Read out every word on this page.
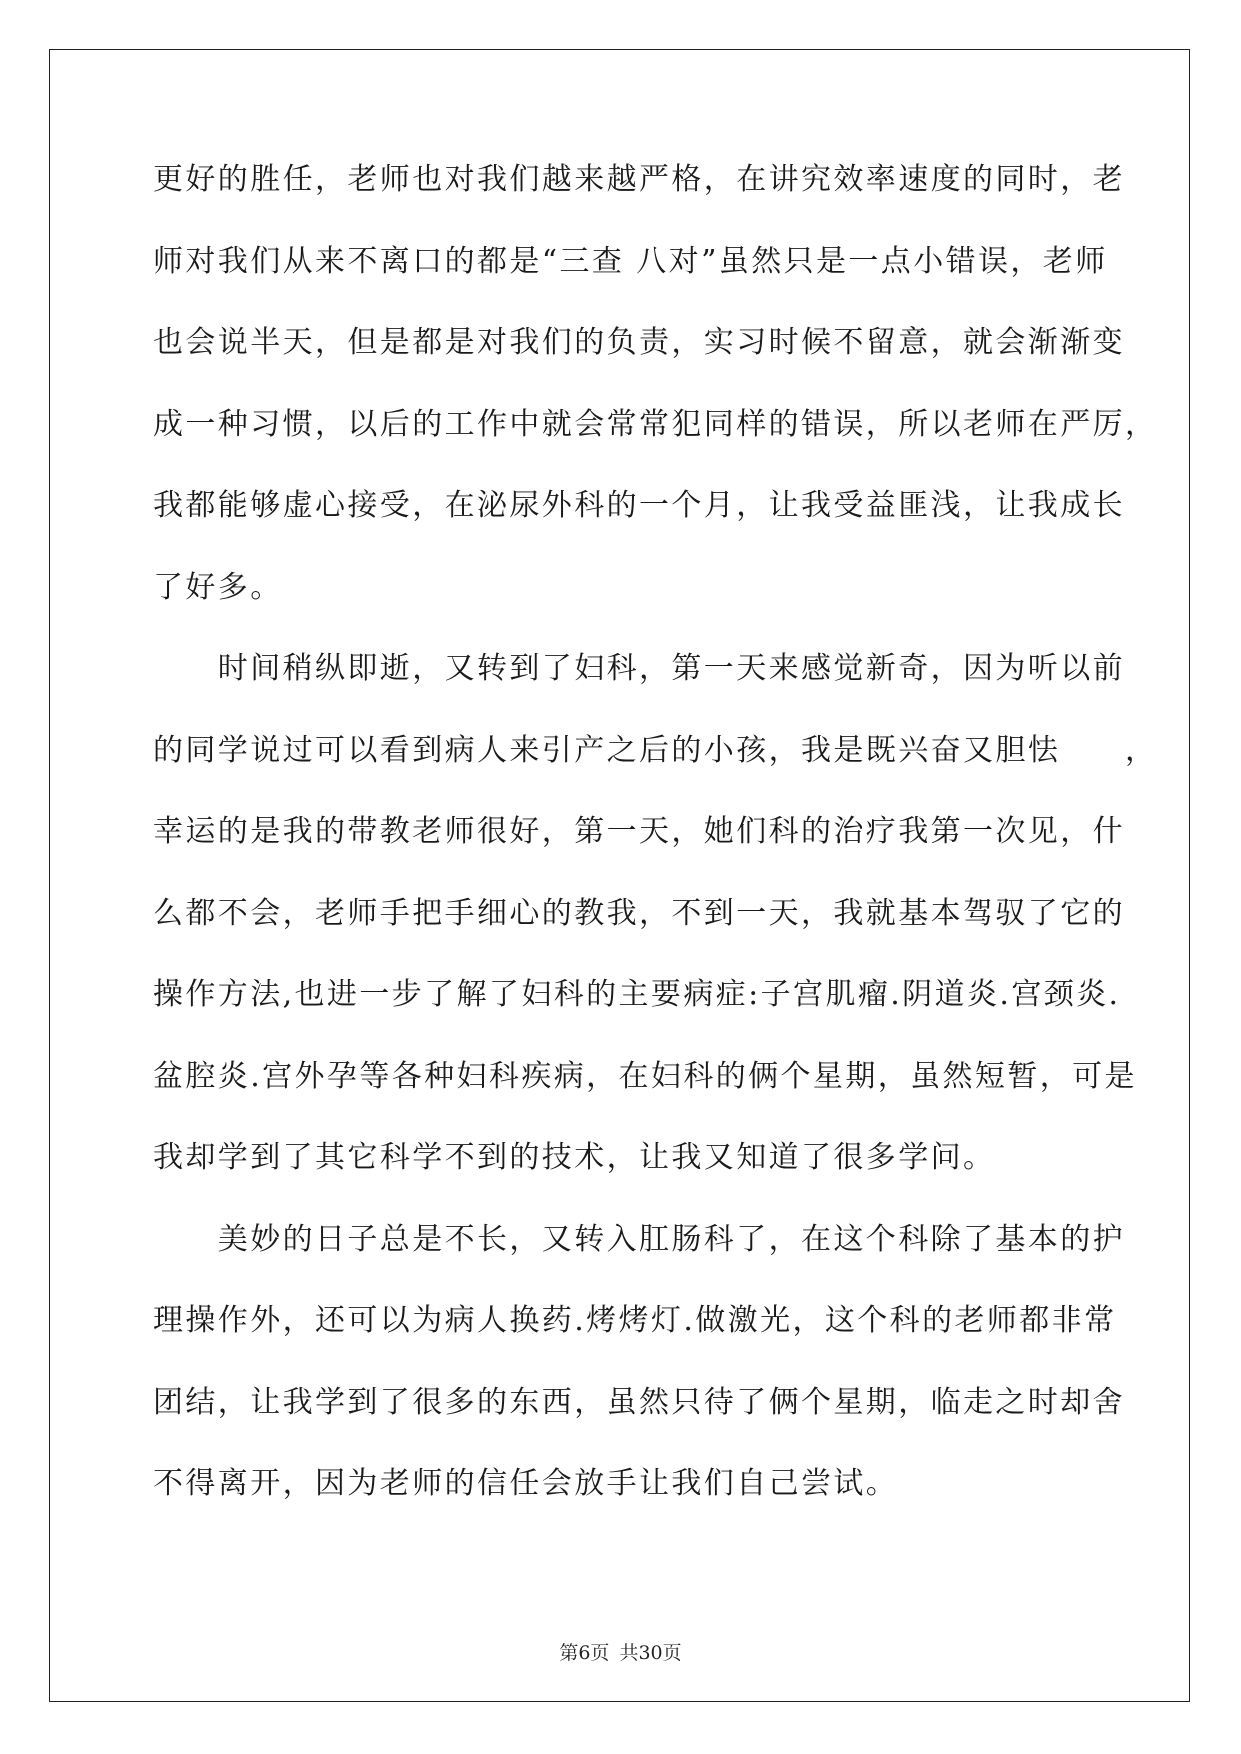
更好的胜任，老师也对我们越来越严格，在讲究效率速度的同时，老
师对我们从来不离口的都是“三查 八对”虽然只是一点小错误，老师
也会说半天，但是都是对我们的负责，实习时候不留意，就会渐渐变
成一种习惯，以后的工作中就会常常犯同样的错误，所以老师在严厉，
我都能够虚心接受，在泌尿外科的一个月，让我受益匪浅，让我成长
了好多。
　　时间稍纵即逝，又转到了妇科，第一天来感觉新奇，因为听以前
的同学说过可以看到病人来引产之后的小孩，我是既兴奋又胆怯　　，
幸运的是我的带教老师很好，第一天，她们科的治疗我第一次见，什
么都不会，老师手把手细心的教我，不到一天，我就基本驾驭了它的
操作方法,也进一步了解了妇科的主要病症:子宫肌瘤.阴道炎.宫颈炎.
盆腔炎.宫外孕等各种妇科疾病，在妇科的俩个星期，虽然短暂，可是
我却学到了其它科学不到的技术，让我又知道了很多学问。
　　美妙的日子总是不长，又转入肛肠科了，在这个科除了基本的护
理操作外，还可以为病人换药.烤烤灯.做激光，这个科的老师都非常
团结，让我学到了很多的东西，虽然只待了俩个星期，临走之时却舍
不得离开，因为老师的信任会放手让我们自己尝试。
第6页 共30页
